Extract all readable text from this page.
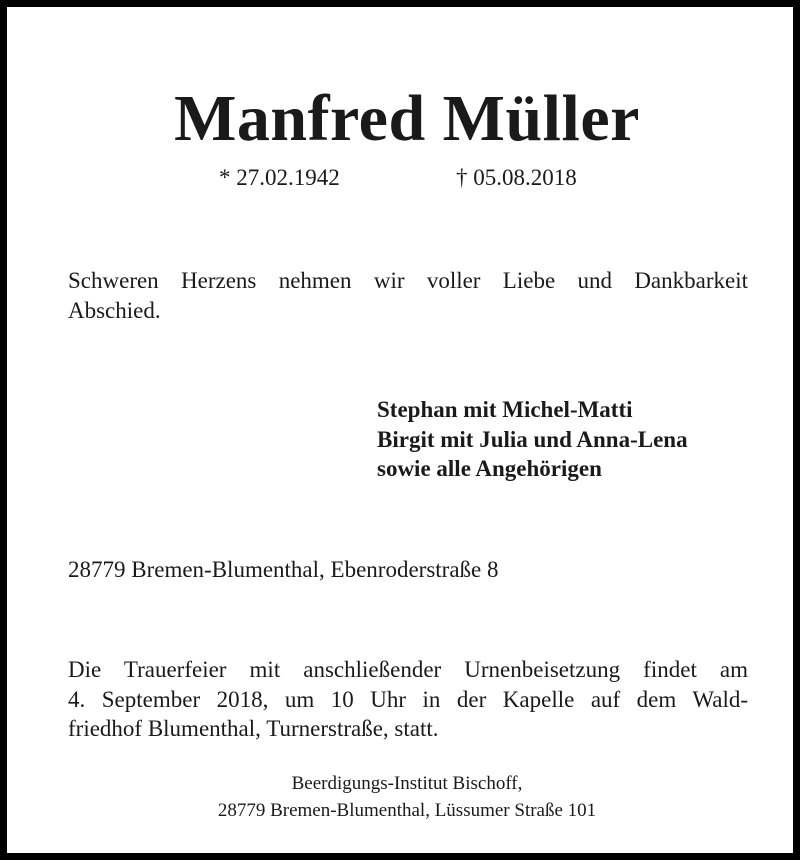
Manfred Müller
* 27.02.1942	† 05.08.2018
Schweren Herzens nehmen wir voller Liebe und Dankbarkeit
Abschied.
Stephan mit Michel-Matti
Birgit mit Julia und Anna-Lena
sowie alle Angehörigen
28779 Bremen-Blumenthal, Ebenroderstraße 8
Die Trauerfeier mit anschließender Urnenbeisetzung findet am
4. September 2018, um 10 Uhr in der Kapelle auf dem Wald-
friedhof Blumenthal, Turnerstraße, statt.
Beerdigungs-Institut Bischoff,
28779 Bremen-Blumenthal, Lüssumer Straße 101
